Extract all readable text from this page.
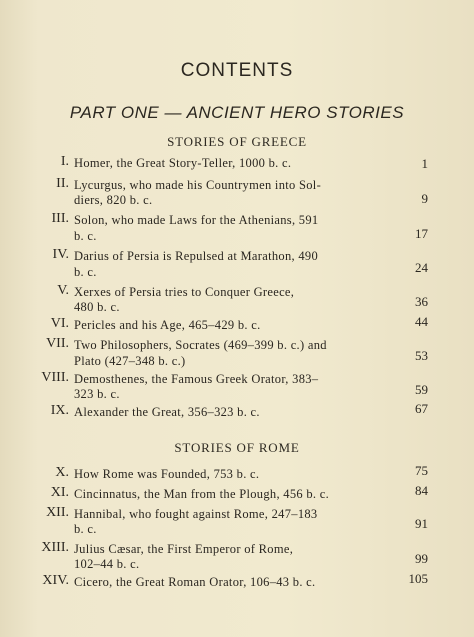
CONTENTS
PART ONE — ANCIENT HERO STORIES
STORIES OF GREECE
I. Homer, the Great Story-Teller, 1000 b. c.	1
II. Lycurgus, who made his Countrymen into Sol-
diers, 820 b. c.	9
III. Solon, who made Laws for the Athenians, 591
b. c.	17
IV. Darius of Persia is Repulsed at Marathon, 490
b. c.	24
V. Xerxes of Persia tries to Conquer Greece,
480 b. c.	36
VI. Pericles and his Age, 465–429 b. c.	44
VII. Two Philosophers, Socrates (469–399 b. c.) and
Plato (427–348 b. c.)	53
VIII. Demosthenes, the Famous Greek Orator, 383–
323 b. c.	59
IX. Alexander the Great, 356–323 b. c.	67
STORIES OF ROME
X. How Rome was Founded, 753 b. c.	75
XI. Cincinnatus, the Man from the Plough, 456 b. c.	84
XII. Hannibal, who fought against Rome, 247–183
b. c.	91
XIII. Julius Cæsar, the First Emperor of Rome,
102–44 b. c.	99
XIV. Cicero, the Great Roman Orator, 106–43 b. c.	105
